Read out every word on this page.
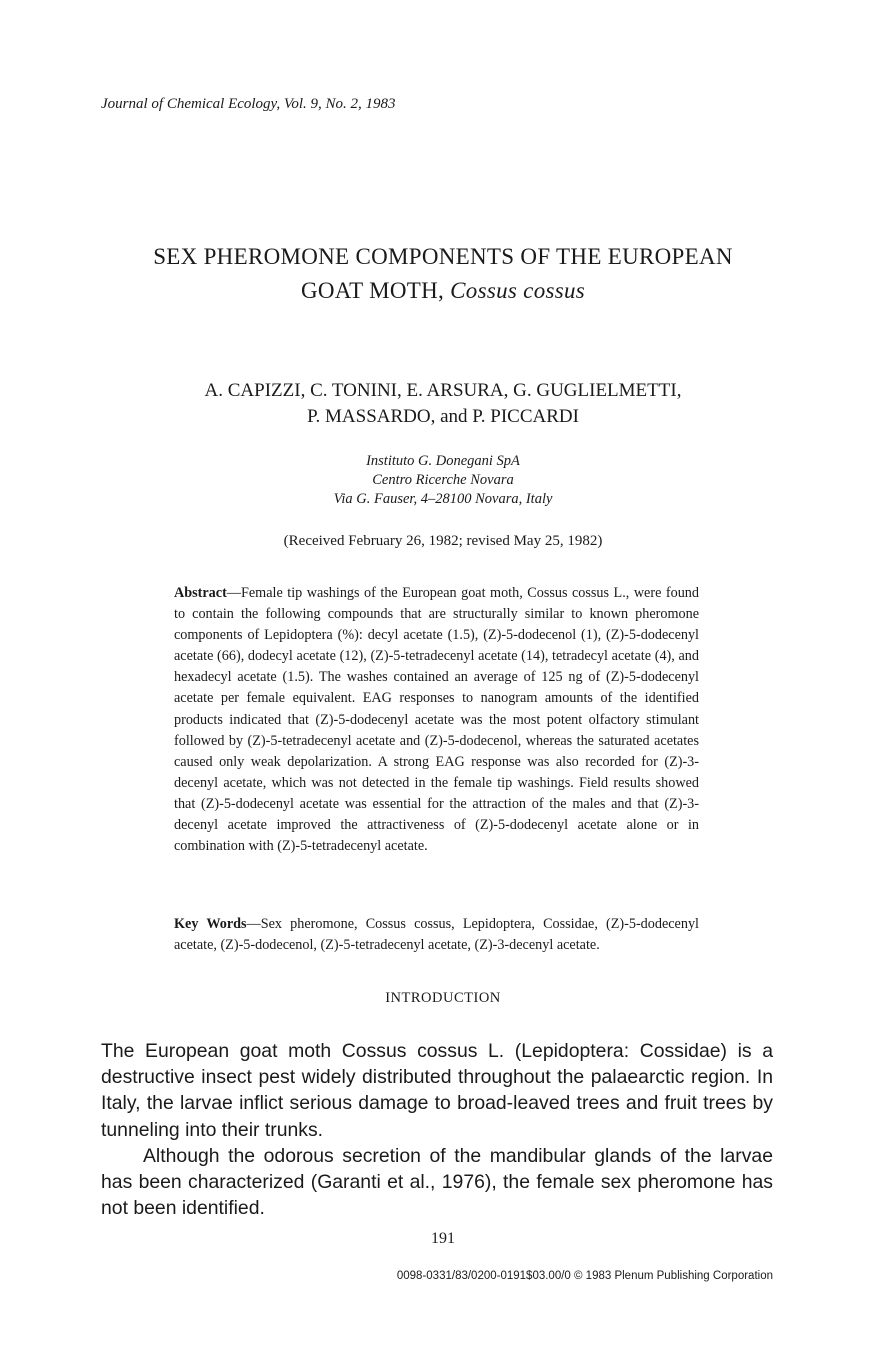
Journal of Chemical Ecology, Vol. 9, No. 2, 1983
SEX PHEROMONE COMPONENTS OF THE EUROPEAN
GOAT MOTH, Cossus cossus
A. CAPIZZI, C. TONINI, E. ARSURA, G. GUGLIELMETTI,
P. MASSARDO, and P. PICCARDI
Instituto G. Donegani SpA
Centro Ricerche Novara
Via G. Fauser, 4–28100 Novara, Italy
(Received February 26, 1982; revised May 25, 1982)
Abstract—Female tip washings of the European goat moth, Cossus cossus L., were found to contain the following compounds that are structurally similar to known pheromone components of Lepidoptera (%): decyl acetate (1.5), (Z)-5-dodecenol (1), (Z)-5-dodecenyl acetate (66), dodecyl acetate (12), (Z)-5-tetradecenyl acetate (14), tetradecyl acetate (4), and hexadecyl acetate (1.5). The washes contained an average of 125 ng of (Z)-5-dodecenyl acetate per female equivalent. EAG responses to nanogram amounts of the identified products indicated that (Z)-5-dodecenyl acetate was the most potent olfactory stimulant followed by (Z)-5-tetradecenyl acetate and (Z)-5-dodecenol, whereas the saturated acetates caused only weak depolarization. A strong EAG response was also recorded for (Z)-3-decenyl acetate, which was not detected in the female tip washings. Field results showed that (Z)-5-dodecenyl acetate was essential for the attraction of the males and that (Z)-3-decenyl acetate improved the attractiveness of (Z)-5-dodecenyl acetate alone or in combination with (Z)-5-tetradecenyl acetate.
Key Words—Sex pheromone, Cossus cossus, Lepidoptera, Cossidae, (Z)-5-dodecenyl acetate, (Z)-5-dodecenol, (Z)-5-tetradecenyl acetate, (Z)-3-decenyl acetate.
INTRODUCTION

The European goat moth Cossus cossus L. (Lepidoptera: Cossidae) is a destructive insect pest widely distributed throughout the palaearctic region. In Italy, the larvae inflict serious damage to broad-leaved trees and fruit trees by tunneling into their trunks.

Although the odorous secretion of the mandibular glands of the larvae has been characterized (Garanti et al., 1976), the female sex pheromone has not been identified.

191
0098-0331/83/0200-0191$03.00/0 © 1983 Plenum Publishing Corporation
